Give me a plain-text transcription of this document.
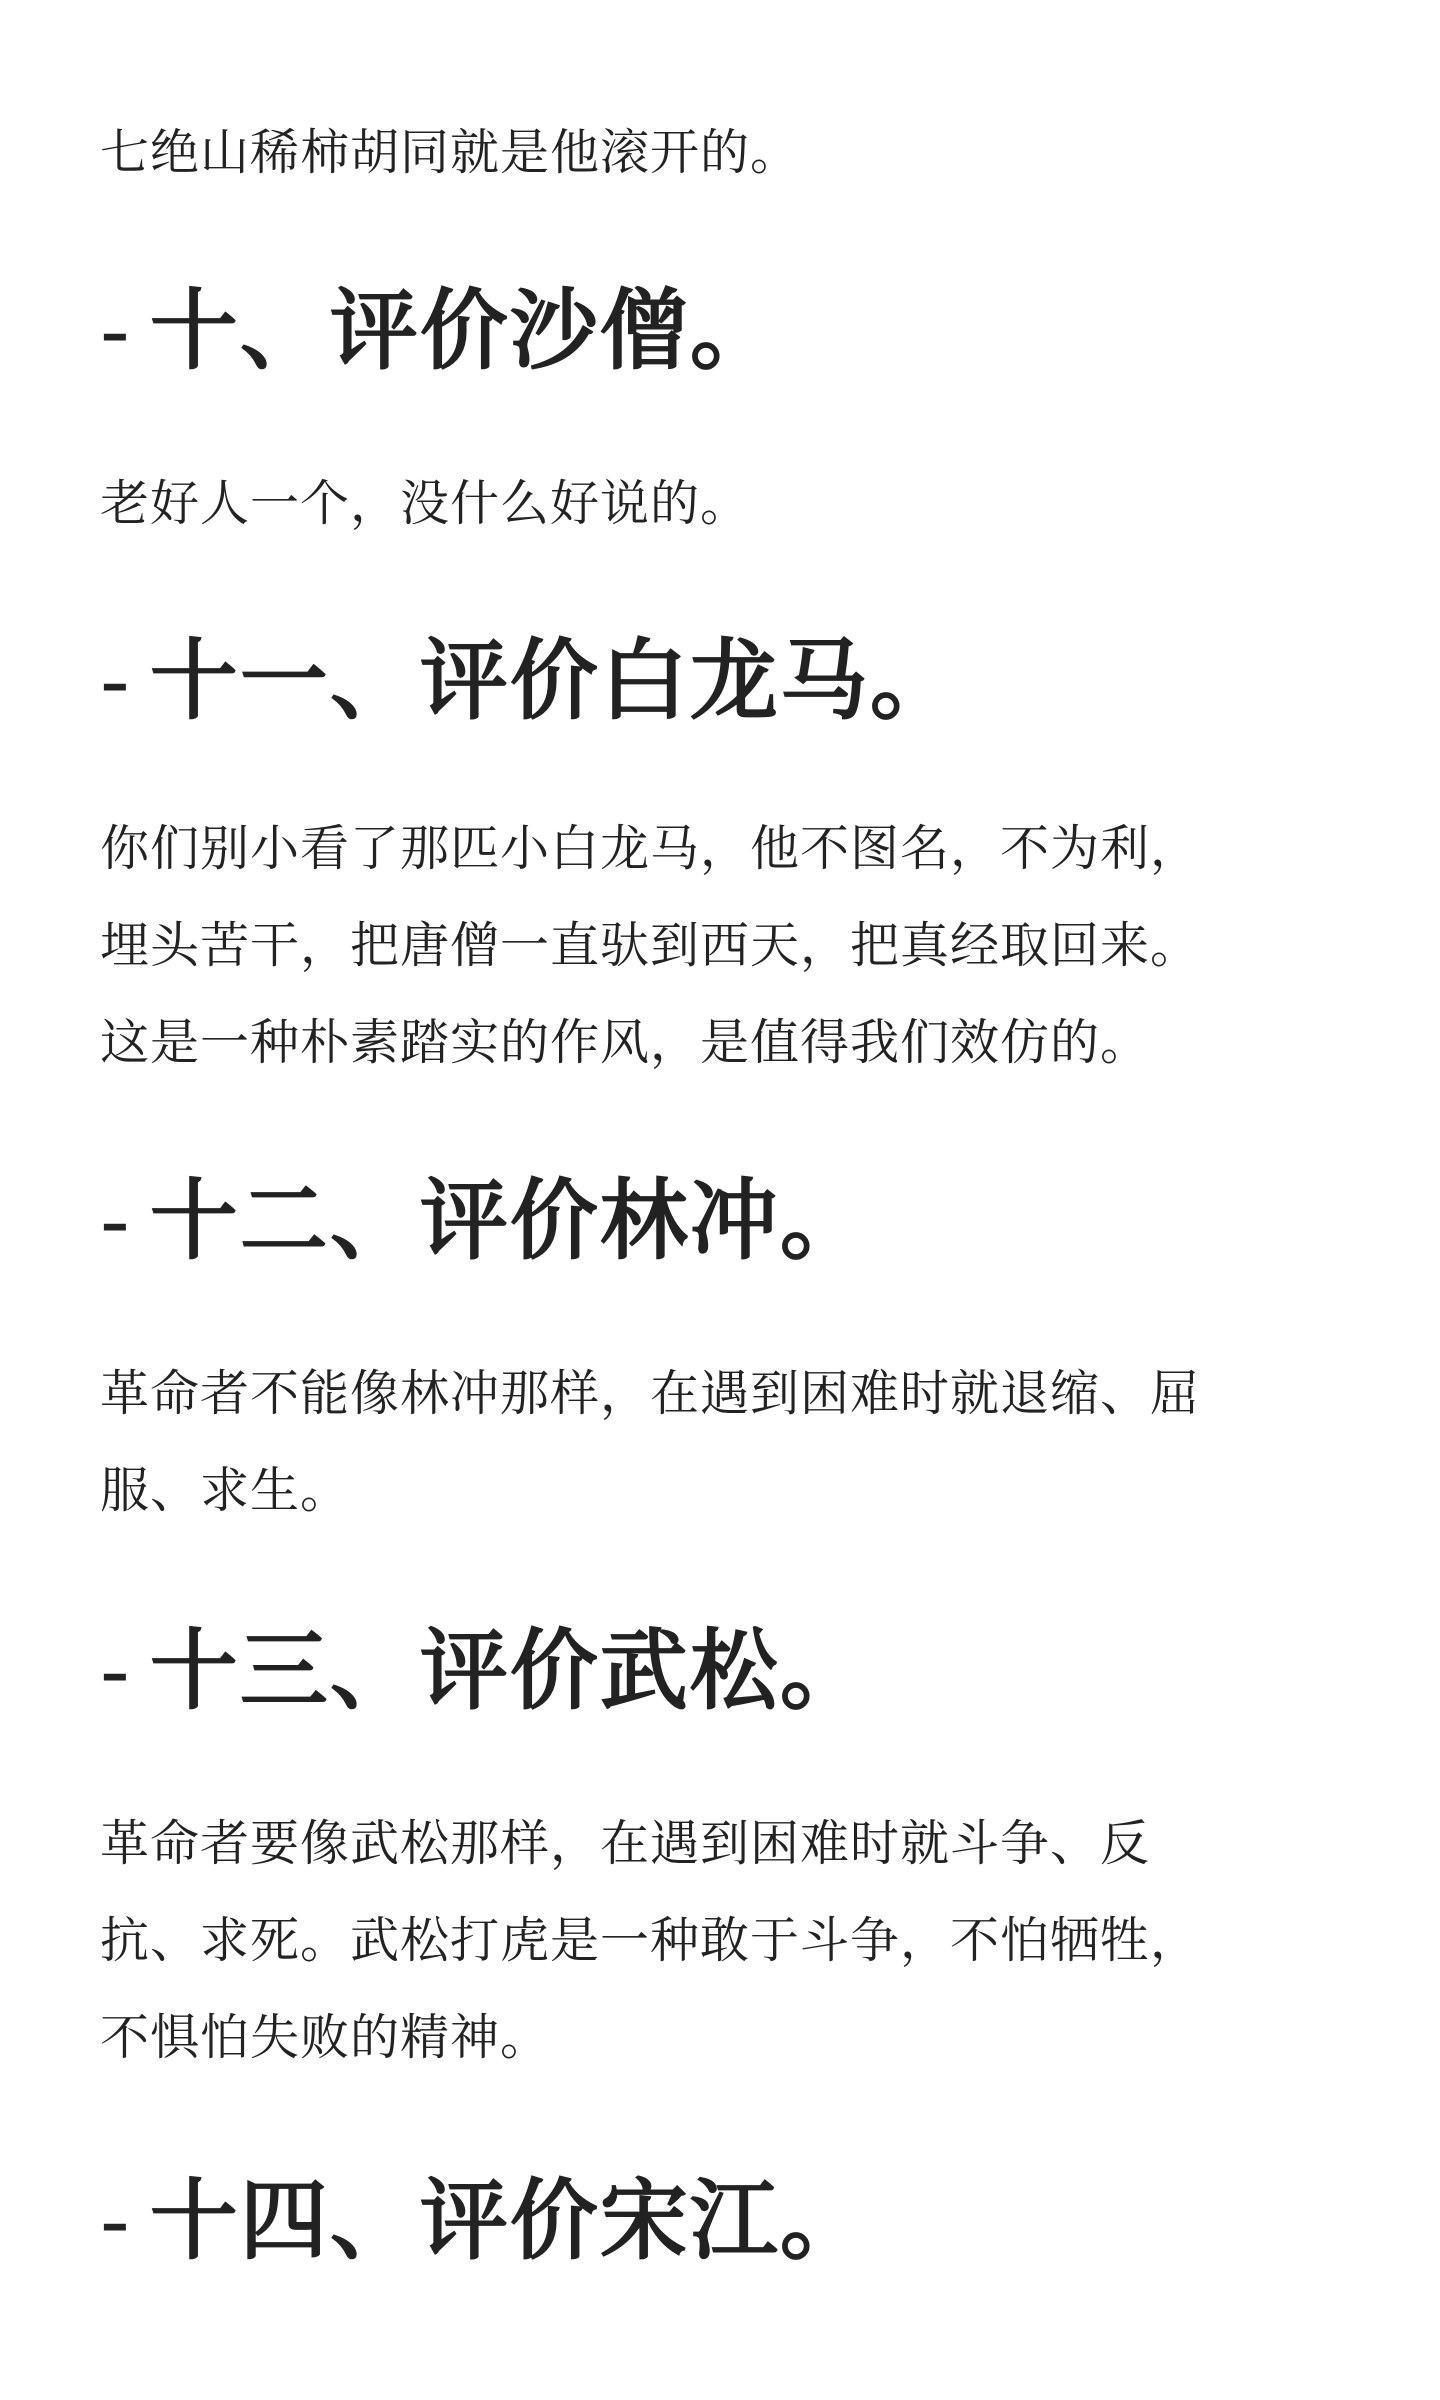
七绝山稀柿胡同就是他滚开的。

- 十、评价沙僧。

老好人一个，没什么好说的。

- 十一、评价白龙马。

你们别小看了那匹小白龙马，他不图名，不为利，

埋头苦干，把唐僧一直驮到西天，把真经取回来。

这是一种朴素踏实的作风，是值得我们效仿的。

- 十二、评价林冲。

革命者不能像林冲那样，在遇到困难时就退缩、屈

服、求生。

- 十三、评价武松。

革命者要像武松那样，在遇到困难时就斗争、反

抗、求死。武松打虎是一种敢于斗争，不怕牺牲，

不惧怕失败的精神。

- 十四、评价宋江。
